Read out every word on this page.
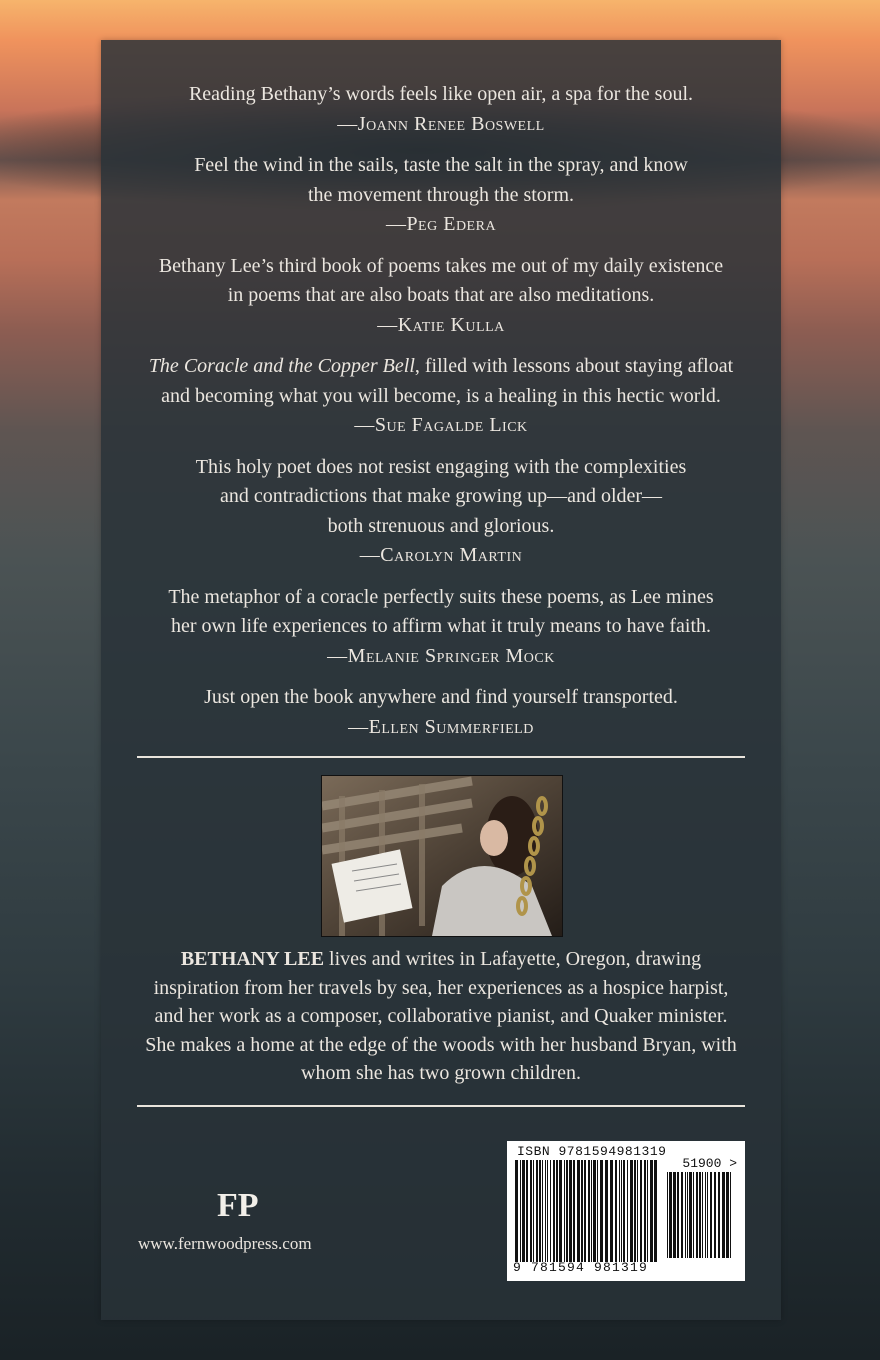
Reading Bethany’s words feels like open air, a spa for the soul.

—Joann Renee Boswell

Feel the wind in the sails, taste the salt in the spray, and know

the movement through the storm.

—Peg Edera

Bethany Lee’s third book of poems takes me out of my daily existence

in poems that are also boats that are also meditations.

—Katie Kulla

The Coracle and the Copper Bell, filled with lessons about staying afloat

and becoming what you will become, is a healing in this hectic world.

—Sue Fagalde Lick

This holy poet does not resist engaging with the complexities

and contradictions that make growing up—and older—

both strenuous and glorious.

—Carolyn Martin

The metaphor of a coracle perfectly suits these poems, as Lee mines

her own life experiences to affirm what it truly means to have faith.

—Melanie Springer Mock

Just open the book anywhere and find yourself transported.

—Ellen Summerfield

BETHANY LEE lives and writes in Lafayette, Oregon, drawing inspiration from her travels by sea, her experiences as a hospice harpist, and her work as a composer, collaborative pianist, and Quaker minister. She makes a home at the edge of the woods with her husband Bryan, with whom she has two grown children.

FP
www.fernwoodpress.com
ISBN 9781594981319
51900 >
9 781594 981319
